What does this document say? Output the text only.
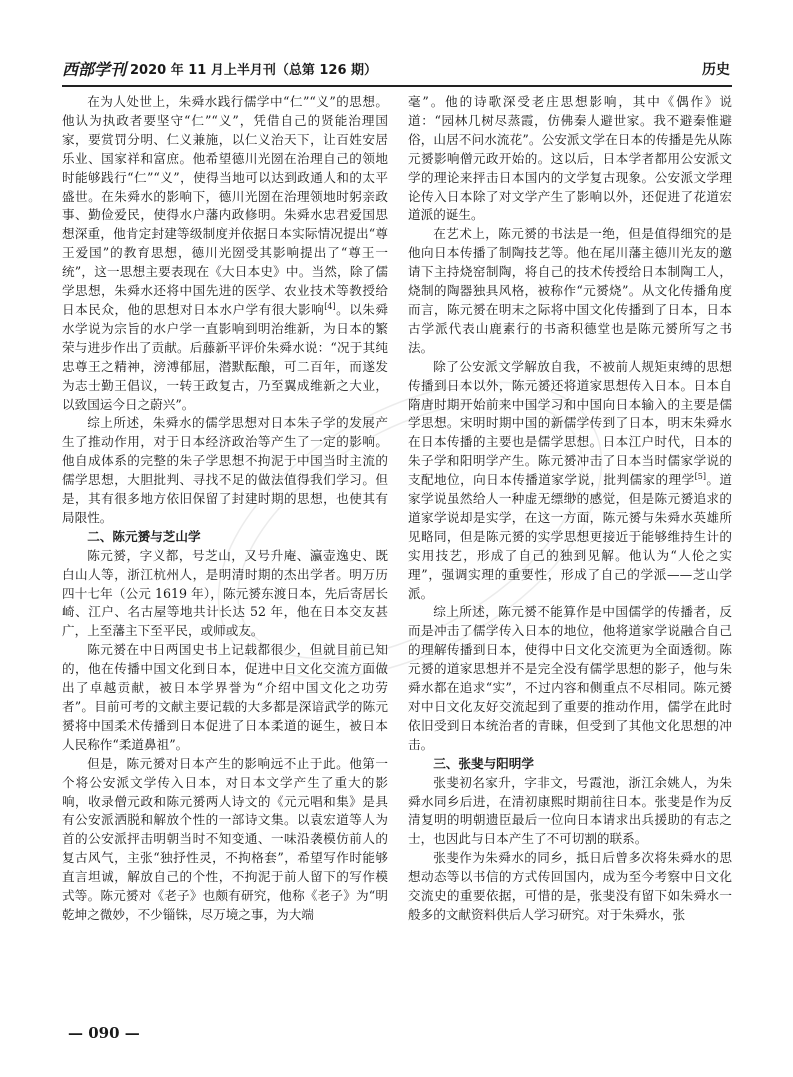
西部学刊 2020 年 11 月上半月刊（总第 126 期）	历史

在为人处世上，朱舜水践行儒学中“仁”“义”的思想。他认为执政者要坚守“仁”“义”，凭借自己的贤能治理国家，要赏罚分明、仁义兼施，以仁义治天下，让百姓安居乐业、国家祥和富庶。他希望德川光圀在治理自己的领地时能够践行“仁”“义”，使得当地可以达到政通人和的太平盛世。在朱舜水的影响下，德川光圀在治理领地时躬亲政事、勤俭爱民，使得水户藩内政修明。朱舜水忠君爱国思想深重，他肯定封建等级制度并依据日本实际情况提出“尊王爱国”的教育思想，德川光圀受其影响提出了“尊王一统”，这一思想主要表现在《大日本史》中。当然，除了儒学思想，朱舜水还将中国先进的医学、农业技术等教授给日本民众，他的思想对日本水户学有很大影响[4]。以朱舜水学说为宗旨的水户学一直影响到明治维新，为日本的繁荣与进步作出了贡献。后藤新平评价朱舜水说：“况于其纯忠尊王之精神，滂溥郁屈，潜默酝酿，可二百年，而遂发为志士勤王倡议，一转王政复古，乃至翼成维新之大业，以致国运今日之蔚兴”。

综上所述，朱舜水的儒学思想对日本朱子学的发展产生了推动作用，对于日本经济政治等产生了一定的影响。他自成体系的完整的朱子学思想不拘泥于中国当时主流的儒学思想，大胆批判、寻找不足的做法值得我们学习。但是，其有很多地方依旧保留了封建时期的思想，也使其有局限性。

二、陈元赟与芝山学

陈元赟，字义都，号芝山，又号升庵、瀛壶逸史、既白山人等，浙江杭州人，是明清时期的杰出学者。明万历四十七年（公元 1619 年），陈元赟东渡日本，先后寄居长崎、江户、名古屋等地共计长达 52 年，他在日本交友甚广，上至藩主下至平民，或师或友。

陈元赟在中日两国史书上记载都很少，但就目前已知的，他在传播中国文化到日本，促进中日文化交流方面做出了卓越贡献，被日本学界誉为“介绍中国文化之功劳者”。目前可考的文献主要记载的大多都是深谙武学的陈元赟将中国柔术传播到日本促进了日本柔道的诞生，被日本人民称作“柔道鼻祖”。

但是，陈元赟对日本产生的影响远不止于此。他第一个将公安派文学传入日本，对日本文学产生了重大的影响，收录僧元政和陈元赟两人诗文的《元元唱和集》是具有公安派洒脱和解放个性的一部诗文集。以袁宏道等人为首的公安派抨击明朝当时不知变通、一味沿袭模仿前人的复古风气，主张“独抒性灵，不拘格套”，希望写作时能够直言坦诚，解放自己的个性，不拘泥于前人留下的写作模式等。陈元赟对《老子》也颇有研究，他称《老子》为“明乾坤之微妙，不少锱铢，尽万境之事，为大端

毫”。他的诗歌深受老庄思想影响，其中《偶作》说道：“园林几树尽蒸霞，仿佛秦人避世家。我不避秦惟避俗，山居不问水流花”。公安派文学在日本的传播是先从陈元赟影响僧元政开始的。这以后，日本学者都用公安派文学的理论来抨击日本国内的文学复古现象。公安派文学理论传入日本除了对文学产生了影响以外，还促进了花道宏道派的诞生。

在艺术上，陈元赟的书法是一绝，但是值得细究的是他向日本传播了制陶技艺等。他在尾川藩主德川光友的邀请下主持烧窑制陶，将自己的技术传授给日本制陶工人，烧制的陶器独具风格，被称作“元赟烧”。从文化传播角度而言，陈元赟在明末之际将中国文化传播到了日本，日本古学派代表山鹿素行的书斋积德堂也是陈元赟所写之书法。

除了公安派文学解放自我，不被前人规矩束缚的思想传播到日本以外，陈元赟还将道家思想传入日本。日本自隋唐时期开始前来中国学习和中国向日本输入的主要是儒学思想。宋明时期中国的新儒学传到了日本，明末朱舜水在日本传播的主要也是儒学思想。日本江户时代，日本的朱子学和阳明学产生。陈元赟冲击了日本当时儒家学说的支配地位，向日本传播道家学说，批判儒家的理学[5]。道家学说虽然给人一种虚无缥缈的感觉，但是陈元赟追求的道家学说却是实学，在这一方面，陈元赟与朱舜水英雄所见略同，但是陈元赟的实学思想更接近于能够维持生计的实用技艺，形成了自己的独到见解。他认为“人伦之实理”，强调实理的重要性，形成了自己的学派——芝山学派。

综上所述，陈元赟不能算作是中国儒学的传播者，反而是冲击了儒学传入日本的地位，他将道家学说融合自己的理解传播到日本，使得中日文化交流更为全面透彻。陈元赟的道家思想并不是完全没有儒学思想的影子，他与朱舜水都在追求“实”，不过内容和侧重点不尽相同。陈元赟对中日文化友好交流起到了重要的推动作用，儒学在此时依旧受到日本统治者的青睐，但受到了其他文化思想的冲击。

三、张斐与阳明学

张斐初名家升，字非文，号霞池，浙江余姚人，为朱舜水同乡后进，在清初康熙时期前往日本。张斐是作为反清复明的明朝遗臣最后一位向日本请求出兵援助的有志之士，也因此与日本产生了不可切割的联系。

张斐作为朱舜水的同乡，抵日后曾多次将朱舜水的思想动态等以书信的方式传回国内，成为至今考察中日文化交流史的重要依据，可惜的是，张斐没有留下如朱舜水一般多的文献资料供后人学习研究。对于朱舜水，张

— 090 —
